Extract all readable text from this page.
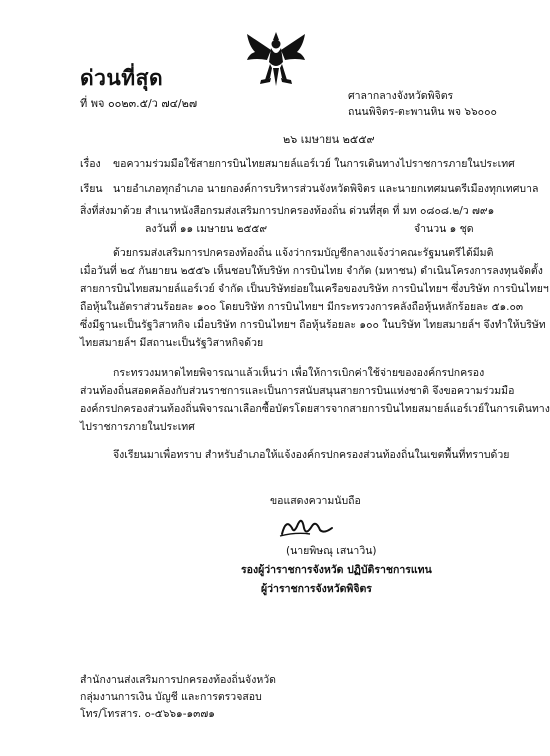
ด่วนที่สุด
ที่ พจ ๐๐๒๓.๕/ว ๗๔/๒๗
ศาลากลางจังหวัดพิจิตร
ถนนพิจิตร-ตะพานหิน พจ ๖๖๐๐๐
๒๖ เมษายน ๒๕๕๙
เรื่อง ขอความร่วมมือใช้สายการบินไทยสมายล์แอร์เวย์ ในการเดินทางไปราชการภายในประเทศ
เรียน นายอำเภอทุกอำเภอ นายกองค์การบริหารส่วนจังหวัดพิจิตร และนายกเทศมนตรีเมืองทุกเทศบาล
สิ่งที่ส่งมาด้วย สำเนาหนังสือกรมส่งเสริมการปกครองท้องถิ่น ด่วนที่สุด ที่ มท ๐๘๐๘.๒/ว ๗๙๑
ลงวันที่ ๑๑ เมษายน ๒๕๕๙	จำนวน ๑ ชุด
ด้วยกรมส่งเสริมการปกครองท้องถิ่น แจ้งว่ากรมบัญชีกลางแจ้งว่าคณะรัฐมนตรีได้มีมติ
เมื่อวันที่ ๒๔ กันยายน ๒๕๕๖ เห็นชอบให้บริษัท การบินไทย จำกัด (มหาชน) ดำเนินโครงการลงทุนจัดตั้ง
สายการบินไทยสมายล์แอร์เวย์ จำกัด เป็นบริษัทย่อยในเครือของบริษัท การบินไทยฯ ซึ่งบริษัท การบินไทยฯ
ถือหุ้นในอัตราส่วนร้อยละ ๑๐๐ โดยบริษัท การบินไทยฯ มีกระทรวงการคลังถือหุ้นหลักร้อยละ ๕๑.๐๓
ซึ่งมีฐานะเป็นรัฐวิสาหกิจ เมื่อบริษัท การบินไทยฯ ถือหุ้นร้อยละ ๑๐๐ ในบริษัท ไทยสมายล์ฯ จึงทำให้บริษัท
ไทยสมายล์ฯ มีสถานะเป็นรัฐวิสาหกิจด้วย
กระทรวงมหาดไทยพิจารณาแล้วเห็นว่า เพื่อให้การเบิกค่าใช้จ่ายขององค์กรปกครอง
ส่วนท้องถิ่นสอดคล้องกับส่วนราชการและเป็นการสนับสนุนสายการบินแห่งชาติ จึงขอความร่วมมือ
องค์กรปกครองส่วนท้องถิ่นพิจารณาเลือกซื้อบัตรโดยสารจากสายการบินไทยสมายล์แอร์เวย์ในการเดินทาง
ไปราชการภายในประเทศ
จึงเรียนมาเพื่อทราบ สำหรับอำเภอให้แจ้งองค์กรปกครองส่วนท้องถิ่นในเขตพื้นที่ทราบด้วย
ขอแสดงความนับถือ
(นายพิษณุ เสนาวิน)
รองผู้ว่าราชการจังหวัด ปฏิบัติราชการแทน
ผู้ว่าราชการจังหวัดพิจิตร
สำนักงานส่งเสริมการปกครองท้องถิ่นจังหวัด
กลุ่มงานการเงิน บัญชี และการตรวจสอบ
โทร/โทรสาร. ๐-๕๖๖๑-๑๓๗๑
